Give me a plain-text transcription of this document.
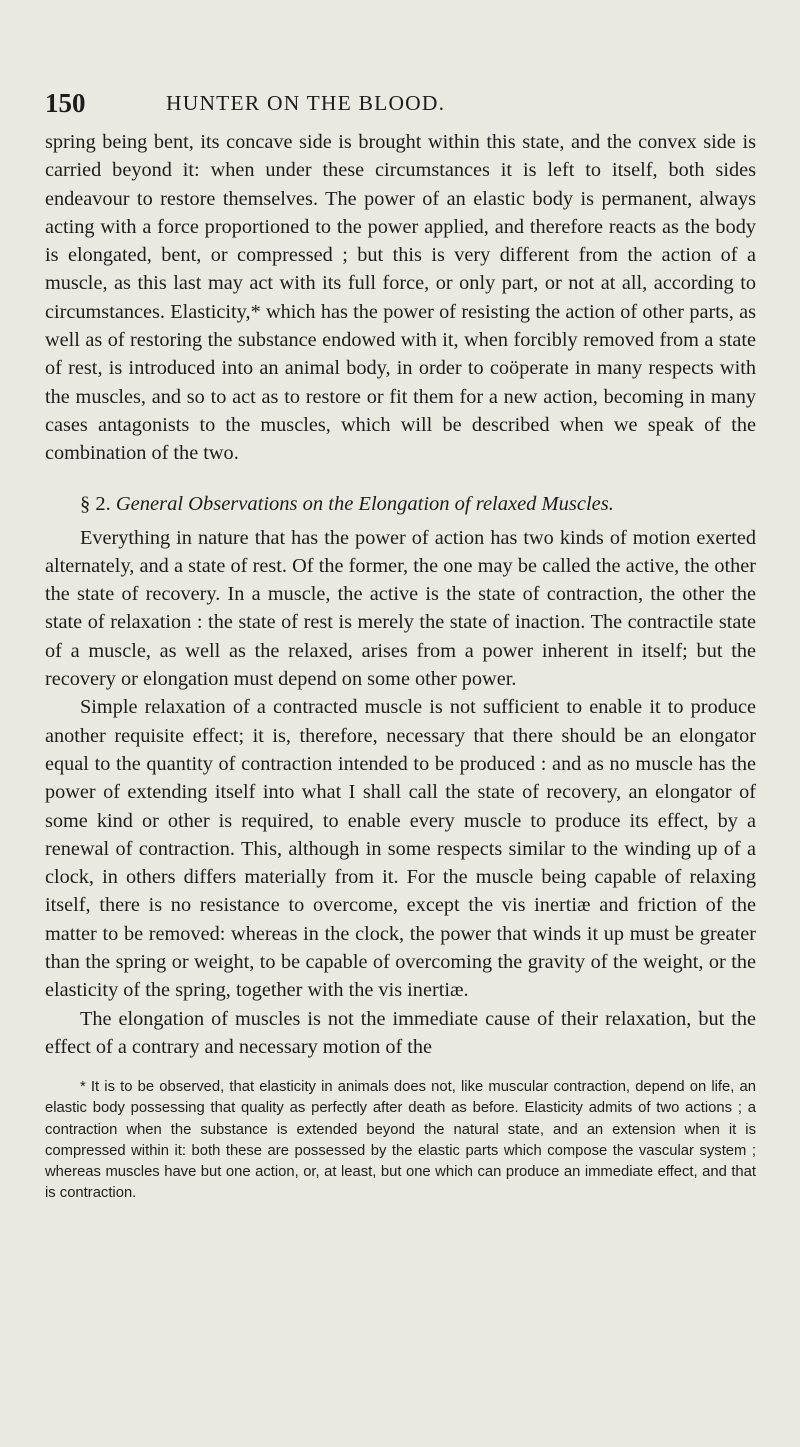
150	HUNTER ON THE BLOOD.

spring being bent, its concave side is brought within this state, and the convex side is carried beyond it: when under these circumstances it is left to itself, both sides endeavour to restore themselves. The power of an elastic body is permanent, always acting with a force proportioned to the power applied, and therefore reacts as the body is elongated, bent, or compressed ; but this is very different from the action of a muscle, as this last may act with its full force, or only part, or not at all, according to circumstances. Elasticity,* which has the power of resisting the action of other parts, as well as of restoring the substance endowed with it, when forcibly removed from a state of rest, is introduced into an animal body, in order to coöperate in many respects with the muscles, and so to act as to restore or fit them for a new action, becoming in many cases antagonists to the muscles, which will be described when we speak of the combination of the two.

§ 2. General Observations on the Elongation of relaxed Muscles.

Everything in nature that has the power of action has two kinds of motion exerted alternately, and a state of rest. Of the former, the one may be called the active, the other the state of recovery. In a muscle, the active is the state of contraction, the other the state of relaxation : the state of rest is merely the state of inaction. The contractile state of a muscle, as well as the relaxed, arises from a power inherent in itself; but the recovery or elongation must depend on some other power.

Simple relaxation of a contracted muscle is not sufficient to enable it to produce another requisite effect; it is, therefore, necessary that there should be an elongator equal to the quantity of contraction intended to be produced : and as no muscle has the power of extending itself into what I shall call the state of recovery, an elongator of some kind or other is required, to enable every muscle to produce its effect, by a renewal of contraction. This, although in some respects similar to the winding up of a clock, in others differs materially from it. For the muscle being capable of relaxing itself, there is no resistance to overcome, except the vis inertiæ and friction of the matter to be removed: whereas in the clock, the power that winds it up must be greater than the spring or weight, to be capable of overcoming the gravity of the weight, or the elasticity of the spring, together with the vis inertiæ.

The elongation of muscles is not the immediate cause of their relaxation, but the effect of a contrary and necessary motion of the

* It is to be observed, that elasticity in animals does not, like muscular contraction, depend on life, an elastic body possessing that quality as perfectly after death as before. Elasticity admits of two actions ; a contraction when the substance is extended beyond the natural state, and an extension when it is compressed within it: both these are possessed by the elastic parts which compose the vascular system ; whereas muscles have but one action, or, at least, but one which can produce an immediate effect, and that is contraction.
